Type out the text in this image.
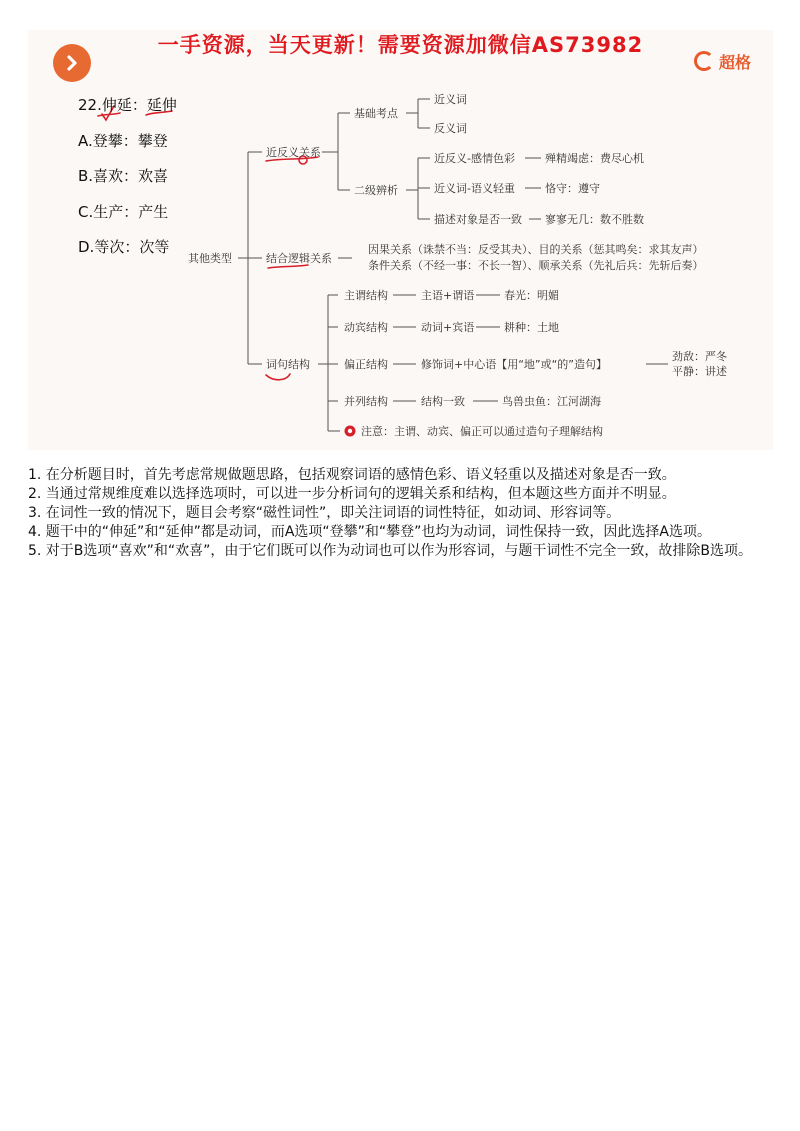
一手资源，当天更新！需要资源加微信AS73982
超格
22.伸延：延伸
A.登攀：攀登
B.喜欢：欢喜
C.生产：产生
D.等次：次等
其他类型
近反义关系
基础考点
近义词
反义词
二级辨析
近反义-感情色彩	殚精竭虑：费尽心机
近义词-语义轻重	恪守：遵守
描述对象是否一致 寥寥无几：数不胜数
结合逻辑关系
因果关系（诛禁不当：反受其夬）、目的关系（惩其鸣矣：求其友声）
条件关系（不经一事：不长一智）、顺承关系（先礼后兵：先斩后奏）
词句结构
主谓结构	主语+谓语	春光：明媚
动宾结构	动词+宾语	耕种：土地
偏正结构	修饰词+中心语【用“地”或“的”造句】
劲敌：严冬
平静：讲述
并列结构	结构一致	鸟兽虫鱼：江河湖海
注意：主谓、动宾、偏正可以通过造句子理解结构

1. 在分析题目时，首先考虑常规做题思路，包括观察词语的感情色彩、语义轻重以及描述对象是否一致。

2. 当通过常规维度难以选择选项时，可以进一步分析词句的逻辑关系和结构，但本题这些方面并不明显。

3. 在词性一致的情况下，题目会考察“磁性词性”，即关注词语的词性特征，如动词、形容词等。

4. 题干中的“伸延”和“延伸”都是动词，而A选项“登攀”和“攀登”也均为动词，词性保持一致，因此选择A选项。

5. 对于B选项“喜欢”和“欢喜”，由于它们既可以作为动词也可以作为形容词，与题干词性不完全一致，故排除B选项。
